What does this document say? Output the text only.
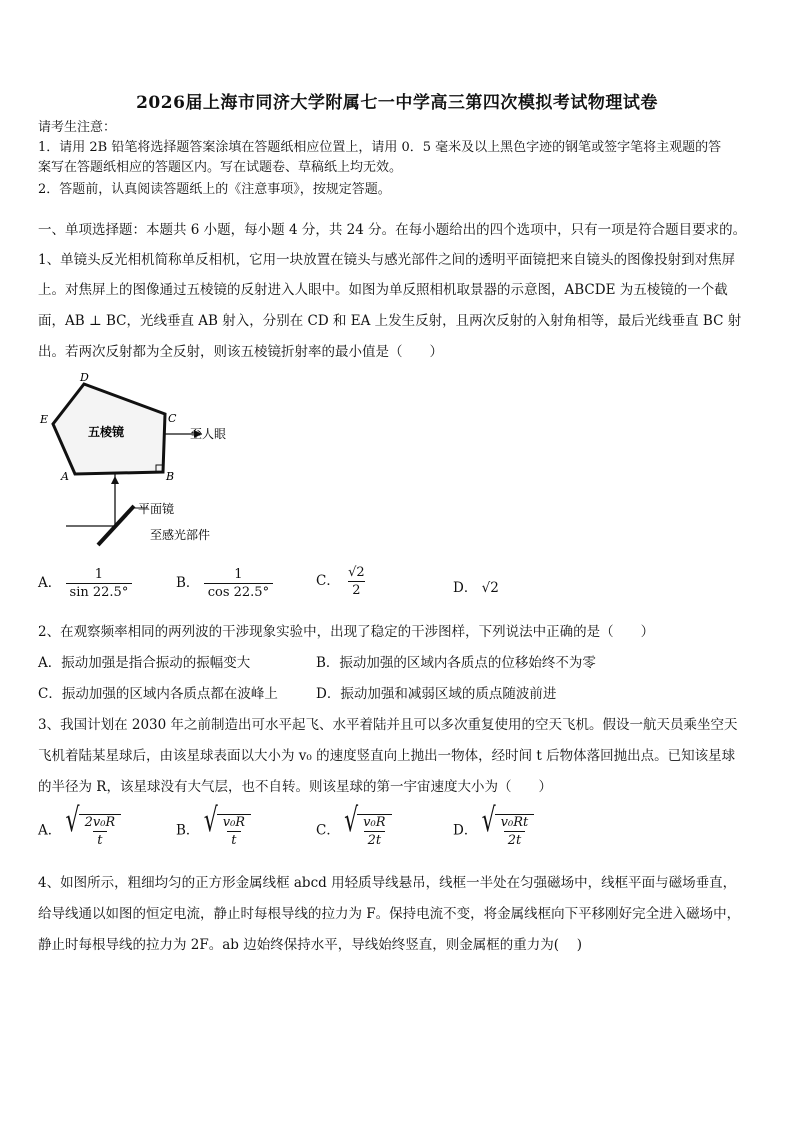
2026届上海市同济大学附属七一中学高三第四次模拟考试物理试卷
请考生注意：
1．请用 2B 铅笔将选择题答案涂填在答题纸相应位置上，请用 0．5 毫米及以上黑色字迹的钢笔或签字笔将主观题的答
案写在答题纸相应的答题区内。写在试题卷、草稿纸上均无效。
2．答题前，认真阅读答题纸上的《注意事项》，按规定答题。
一、单项选择题：本题共 6 小题，每小题 4 分，共 24 分。在每小题给出的四个选项中，只有一项是符合题目要求的。
1、单镜头反光相机简称单反相机，它用一块放置在镜头与感光部件之间的透明平面镜把来自镜头的图像投射到对焦屏
上。对焦屏上的图像通过五棱镜的反射进入人眼中。如图为单反照相机取景器的示意图，ABCDE 为五棱镜的一个截
面，AB ⊥ BC，光线垂直 AB 射入，分别在 CD 和 EA 上发生反射，且两次反射的入射角相等，最后光线垂直 BC 射
出。若两次反射都为全反射，则该五棱镜折射率的最小值是（　　）
五棱镜	至人眼
平面镜
至感光部件
D
E	C
A	B
A． $\frac{1}{\sin 22.5^\circ}$	B． $\frac{1}{\cos 22.5^\circ}$	C． $\frac{√2}{2}$	D． √2
2、在观察频率相同的两列波的干涉现象实验中，出现了稳定的干涉图样，下列说法中正确的是（　　）
A．振动加强是指合振动的振幅变大	B．振动加强的区域内各质点的位移始终不为零
C．振动加强的区域内各质点都在波峰上	D．振动加强和减弱区域的质点随波前进
3、我国计划在 2030 年之前制造出可水平起飞、水平着陆并且可以多次重复使用的空天飞机。假设一航天员乘坐空天
飞机着陆某星球后，由该星球表面以大小为 v₀ 的速度竖直向上抛出一物体，经时间 t 后物体落回抛出点。已知该星球
的半径为 R，该星球没有大气层，也不自转。则该星球的第一宇宙速度大小为（　　）
A． √ $\frac{\text{2v₀R}}{t}$	B． √ $\frac{\text{v₀R}}{t}$	C． √ $\frac{\text{v₀R}}{2t}$	D． √ $\frac{\text{v₀Rt}}{2t}$
4、如图所示，粗细均匀的正方形金属线框 abcd 用轻质导线悬吊，线框一半处在匀强磁场中，线框平面与磁场垂直，
给导线通以如图的恒定电流，静止时每根导线的拉力为 F。保持电流不变，将金属线框向下平移刚好完全进入磁场中，
静止时每根导线的拉力为 2F。ab 边始终保持水平，导线始终竖直，则金属框的重力为(　 )
